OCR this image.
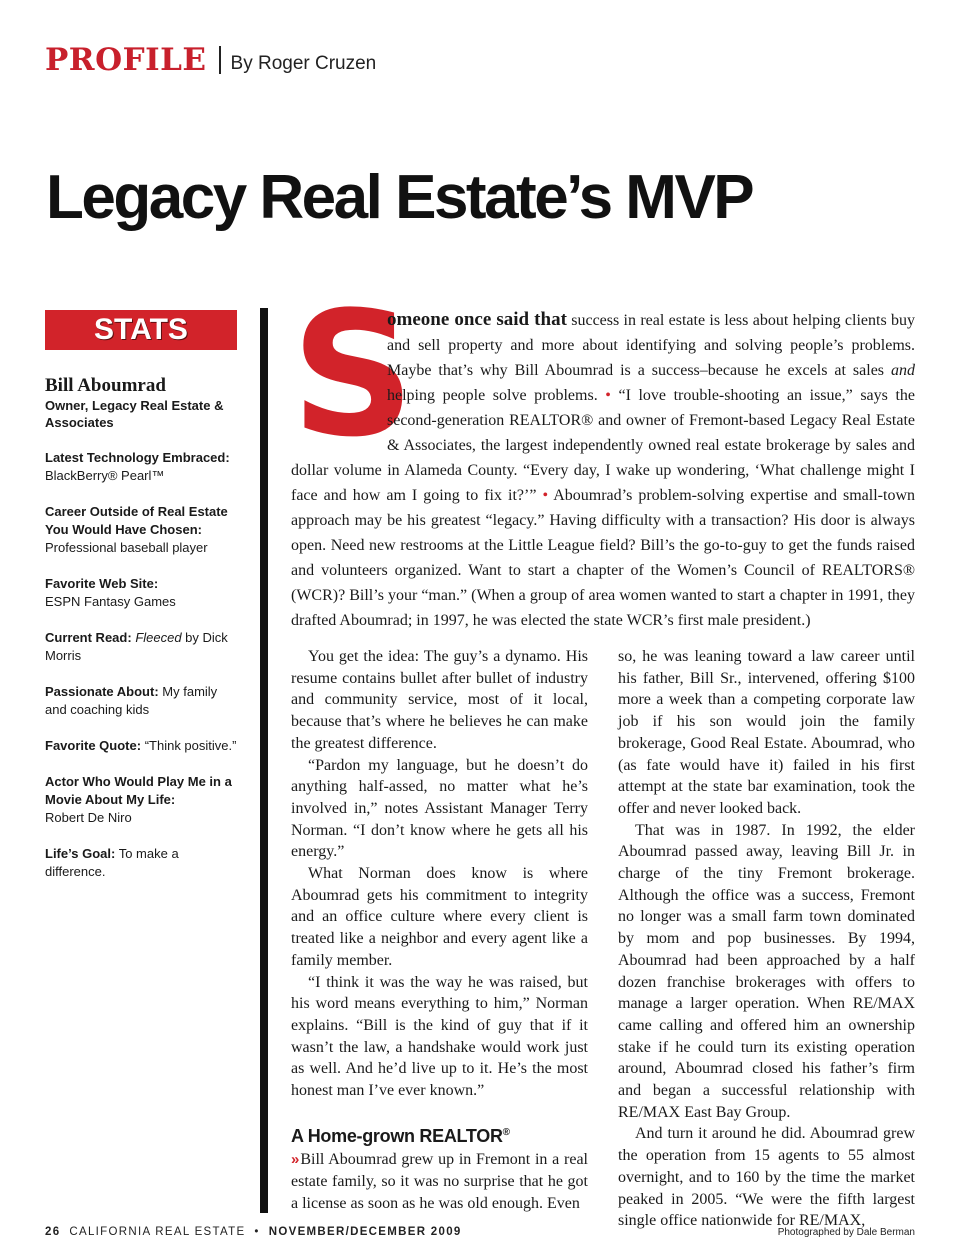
PROFILE By Roger Cruzen
Legacy Real Estate’s MVP
STATS
Bill Aboumrad
Owner, Legacy Real Estate & Associates
Latest Technology Embraced:
BlackBerry® Pearl™
Career Outside of Real Estate You Would Have Chosen: Professional baseball player
Favorite Web Site:
ESPN Fantasy Games
Current Read: Fleeced by Dick Morris
Passionate About: My family and coaching kids
Favorite Quote: “Think positive.”
Actor Who Would Play Me in a Movie About My Life:
Robert De Niro
Life’s Goal: To make a difference.

S
omeone once said that success in real estate is less about helping clients buy and sell property and more about identifying and solving people’s problems. Maybe that’s why Bill Aboumrad is a success–because he excels at sales and helping people solve problems. • “I love trouble-shooting an issue,” says the second-generation REALTOR® and owner of Fremont-based Legacy Real Estate & Associates, the largest independently owned real estate brokerage by sales and dollar volume in Alameda County. “Every day, I wake up wondering, ‘What challenge might I face and how am I going to fix it?’” • Aboumrad’s problem-solving expertise and small-town approach may be his greatest “legacy.” Having difficulty with a transaction? His door is always open. Need new restrooms at the Little League field? Bill’s the go-to-guy to get the funds raised and volunteers organized. Want to start a chapter of the Women’s Council of REALTORS® (WCR)? Bill’s your “man.” (When a group of area women wanted to start a chapter in 1991, they drafted Aboumrad; in 1997, he was elected the state WCR’s first male president.)

You get the idea: The guy’s a dynamo. His resume contains bullet after bullet of industry and community service, most of it local, because that’s where he believes he can make the greatest difference.

“Pardon my language, but he doesn’t do anything half-assed, no matter what he’s involved in,” notes Assistant Manager Terry Norman. “I don’t know where he gets all his energy.”

What Norman does know is where Aboumrad gets his commitment to integrity and an office culture where every client is treated like a neighbor and every agent like a family member.

“I think it was the way he was raised, but his word means everything to him,” Norman explains. “Bill is the kind of guy that if it wasn’t the law, a handshake would work just as well. And he’d live up to it. He’s the most honest man I’ve ever known.”

A Home-grown REALTOR®

» Bill Aboumrad grew up in Fremont in a real estate family, so it was no surprise that he got a license as soon as he was old enough. Even

so, he was leaning toward a law career until his father, Bill Sr., intervened, offering $100 more a week than a competing corporate law job if his son would join the family brokerage, Good Real Estate. Aboumrad, who (as fate would have it) failed in his first attempt at the state bar examination, took the offer and never looked back.

That was in 1987. In 1992, the elder Aboumrad passed away, leaving Bill Jr. in charge of the tiny Fremont brokerage. Although the office was a success, Fremont no longer was a small farm town dominated by mom and pop businesses. By 1994, Aboumrad had been approached by a half dozen franchise brokerages with offers to manage a larger operation. When RE/MAX came calling and offered him an ownership stake if he could turn its existing operation around, Aboumrad closed his father’s firm and began a successful relationship with RE/MAX East Bay Group.

And turn it around he did. Aboumrad grew the operation from 15 agents to 55 almost overnight, and to 160 by the time the market peaked in 2005. “We were the fifth largest single office nationwide for RE/MAX,

26 CALIFORNIA REAL ESTATE • NOVEMBER/DECEMBER 2009	Photographed by Dale Berman
